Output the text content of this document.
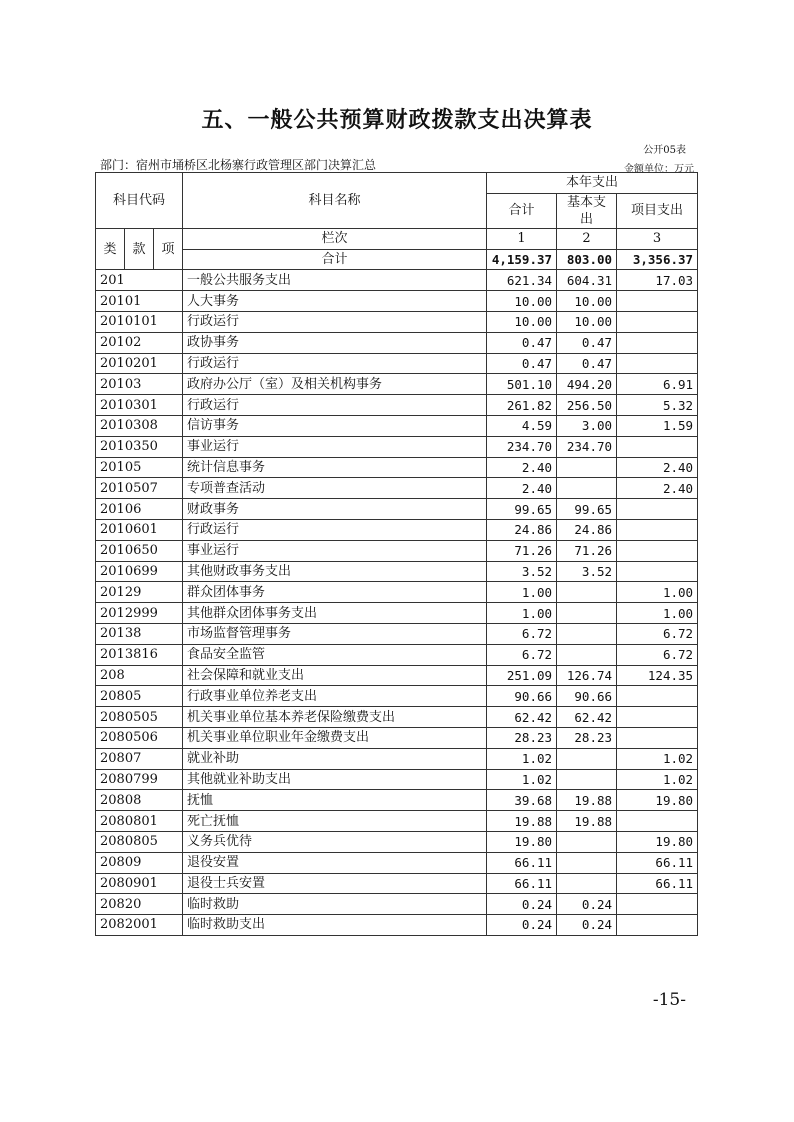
五、一般公共预算财政拨款支出决算表
公开05表
部门：宿州市埇桥区北杨寨行政管理区部门决算汇总	金额单位：万元
科目代码			科目名称	本年支出		
				合计	基本支出	项目支出
类	款	项	栏次	1	2	3
			合计	4,159.37	803.00	3,356.37
201			一般公共服务支出	621.34	604.31	17.03
20101			人大事务	10.00	10.00	
2010101			行政运行	10.00	10.00	
20102			政协事务	0.47	0.47	
2010201			行政运行	0.47	0.47	
20103			政府办公厅（室）及相关机构事务	501.10	494.20	6.91
2010301			行政运行	261.82	256.50	5.32
2010308			信访事务	4.59	3.00	1.59
2010350			事业运行	234.70	234.70	
20105			统计信息事务	2.40		2.40
2010507			专项普查活动	2.40		2.40
20106			财政事务	99.65	99.65	
2010601			行政运行	24.86	24.86	
2010650			事业运行	71.26	71.26	
2010699			其他财政事务支出	3.52	3.52	
20129			群众团体事务	1.00		1.00
2012999			其他群众团体事务支出	1.00		1.00
20138			市场监督管理事务	6.72		6.72
2013816			食品安全监管	6.72		6.72
208			社会保障和就业支出	251.09	126.74	124.35
20805			行政事业单位养老支出	90.66	90.66	
2080505			机关事业单位基本养老保险缴费支出	62.42	62.42	
2080506			机关事业单位职业年金缴费支出	28.23	28.23	
20807			就业补助	1.02		1.02
2080799			其他就业补助支出	1.02		1.02
20808			抚恤	39.68	19.88	19.80
2080801			死亡抚恤	19.88	19.88	
2080805			义务兵优待	19.80		19.80
20809			退役安置	66.11		66.11
2080901			退役士兵安置	66.11		66.11
20820			临时救助	0.24	0.24	
2082001			临时救助支出	0.24	0.24	
-15-
